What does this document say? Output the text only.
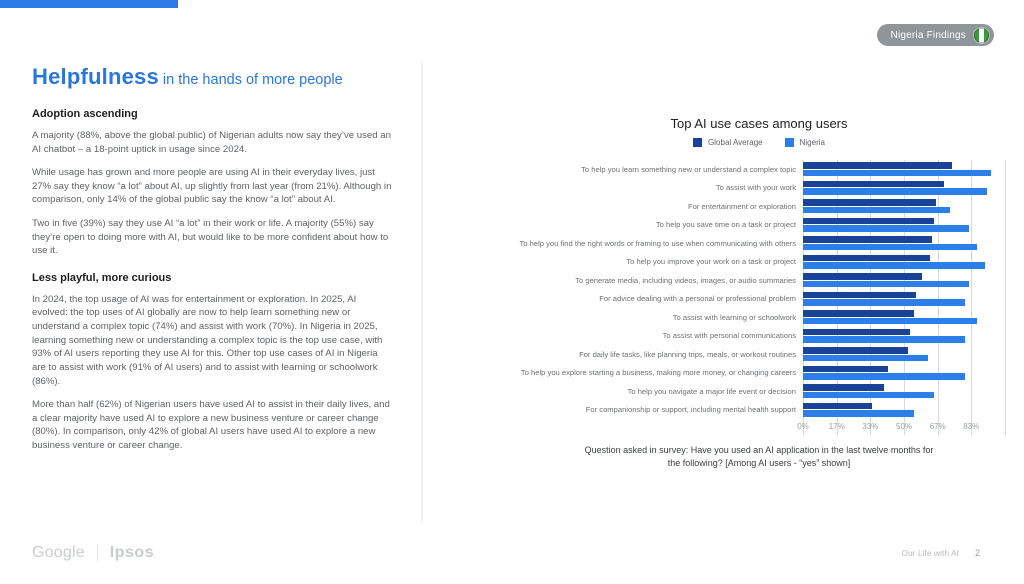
Nigeria Findings
Helpfulness in the hands of more people
Adoption ascending
A majority (88%, above the global public) of Nigerian adults now say they’ve used an AI chatbot – a 18-point uptick in usage since 2024.
While usage has grown and more people are using AI in their everyday lives, just 27% say they know “a lot” about AI, up slightly from last year (from 21%). Although in comparison, only 14% of the global public say the know “a lot” about AI.
Two in five (39%) say they use AI “a lot” in their work or life. A majority (55%) say they’re open to doing more with AI, but would like to be more confident about how to use it.
Less playful, more curious
In 2024, the top usage of AI was for entertainment or exploration. In 2025, AI evolved: the top uses of AI globally are now to help learn something new or understand a complex topic (74%) and assist with work (70%). In Nigeria in 2025, learning something new or understanding a complex topic is the top use case, with 93% of AI users reporting they use AI for this. Other top use cases of AI in Nigeria are to assist with work (91% of AI users) and to assist with learning or schoolwork (86%).
More than half (62%) of Nigerian users have used AI to assist in their daily lives, and a clear majority have used AI to explore a new business venture or career change (80%). In comparison, only 42% of global AI users have used AI to explore a new business venture or career change.
Top AI use cases among users
Global Average	Nigeria
To help you learn something new or understand a complex topic
To assist with your work
For entertainment or exploration
To help you save time on a task or project
To help you find the right words or framing to use when communicating with others
To help you improve your work on a task or project
To generate media, including videos, images, or audio summaries
For advice dealing with a personal or professional problem
To assist with learning or schoolwork
To assist with personal communications
For daily life tasks, like planning trips, meals, or workout routines
To help you explore starting a business, making more money, or changing careers
To help you navigate a major life event or decision
For companionship or support, including mental health support
0% 17% 33% 50% 67% 83%
Question asked in survey: Have you used an AI application in the last twelve months for
the following? [Among AI users - “yes” shown]
Google Ipsos	Our Life with AI 2
